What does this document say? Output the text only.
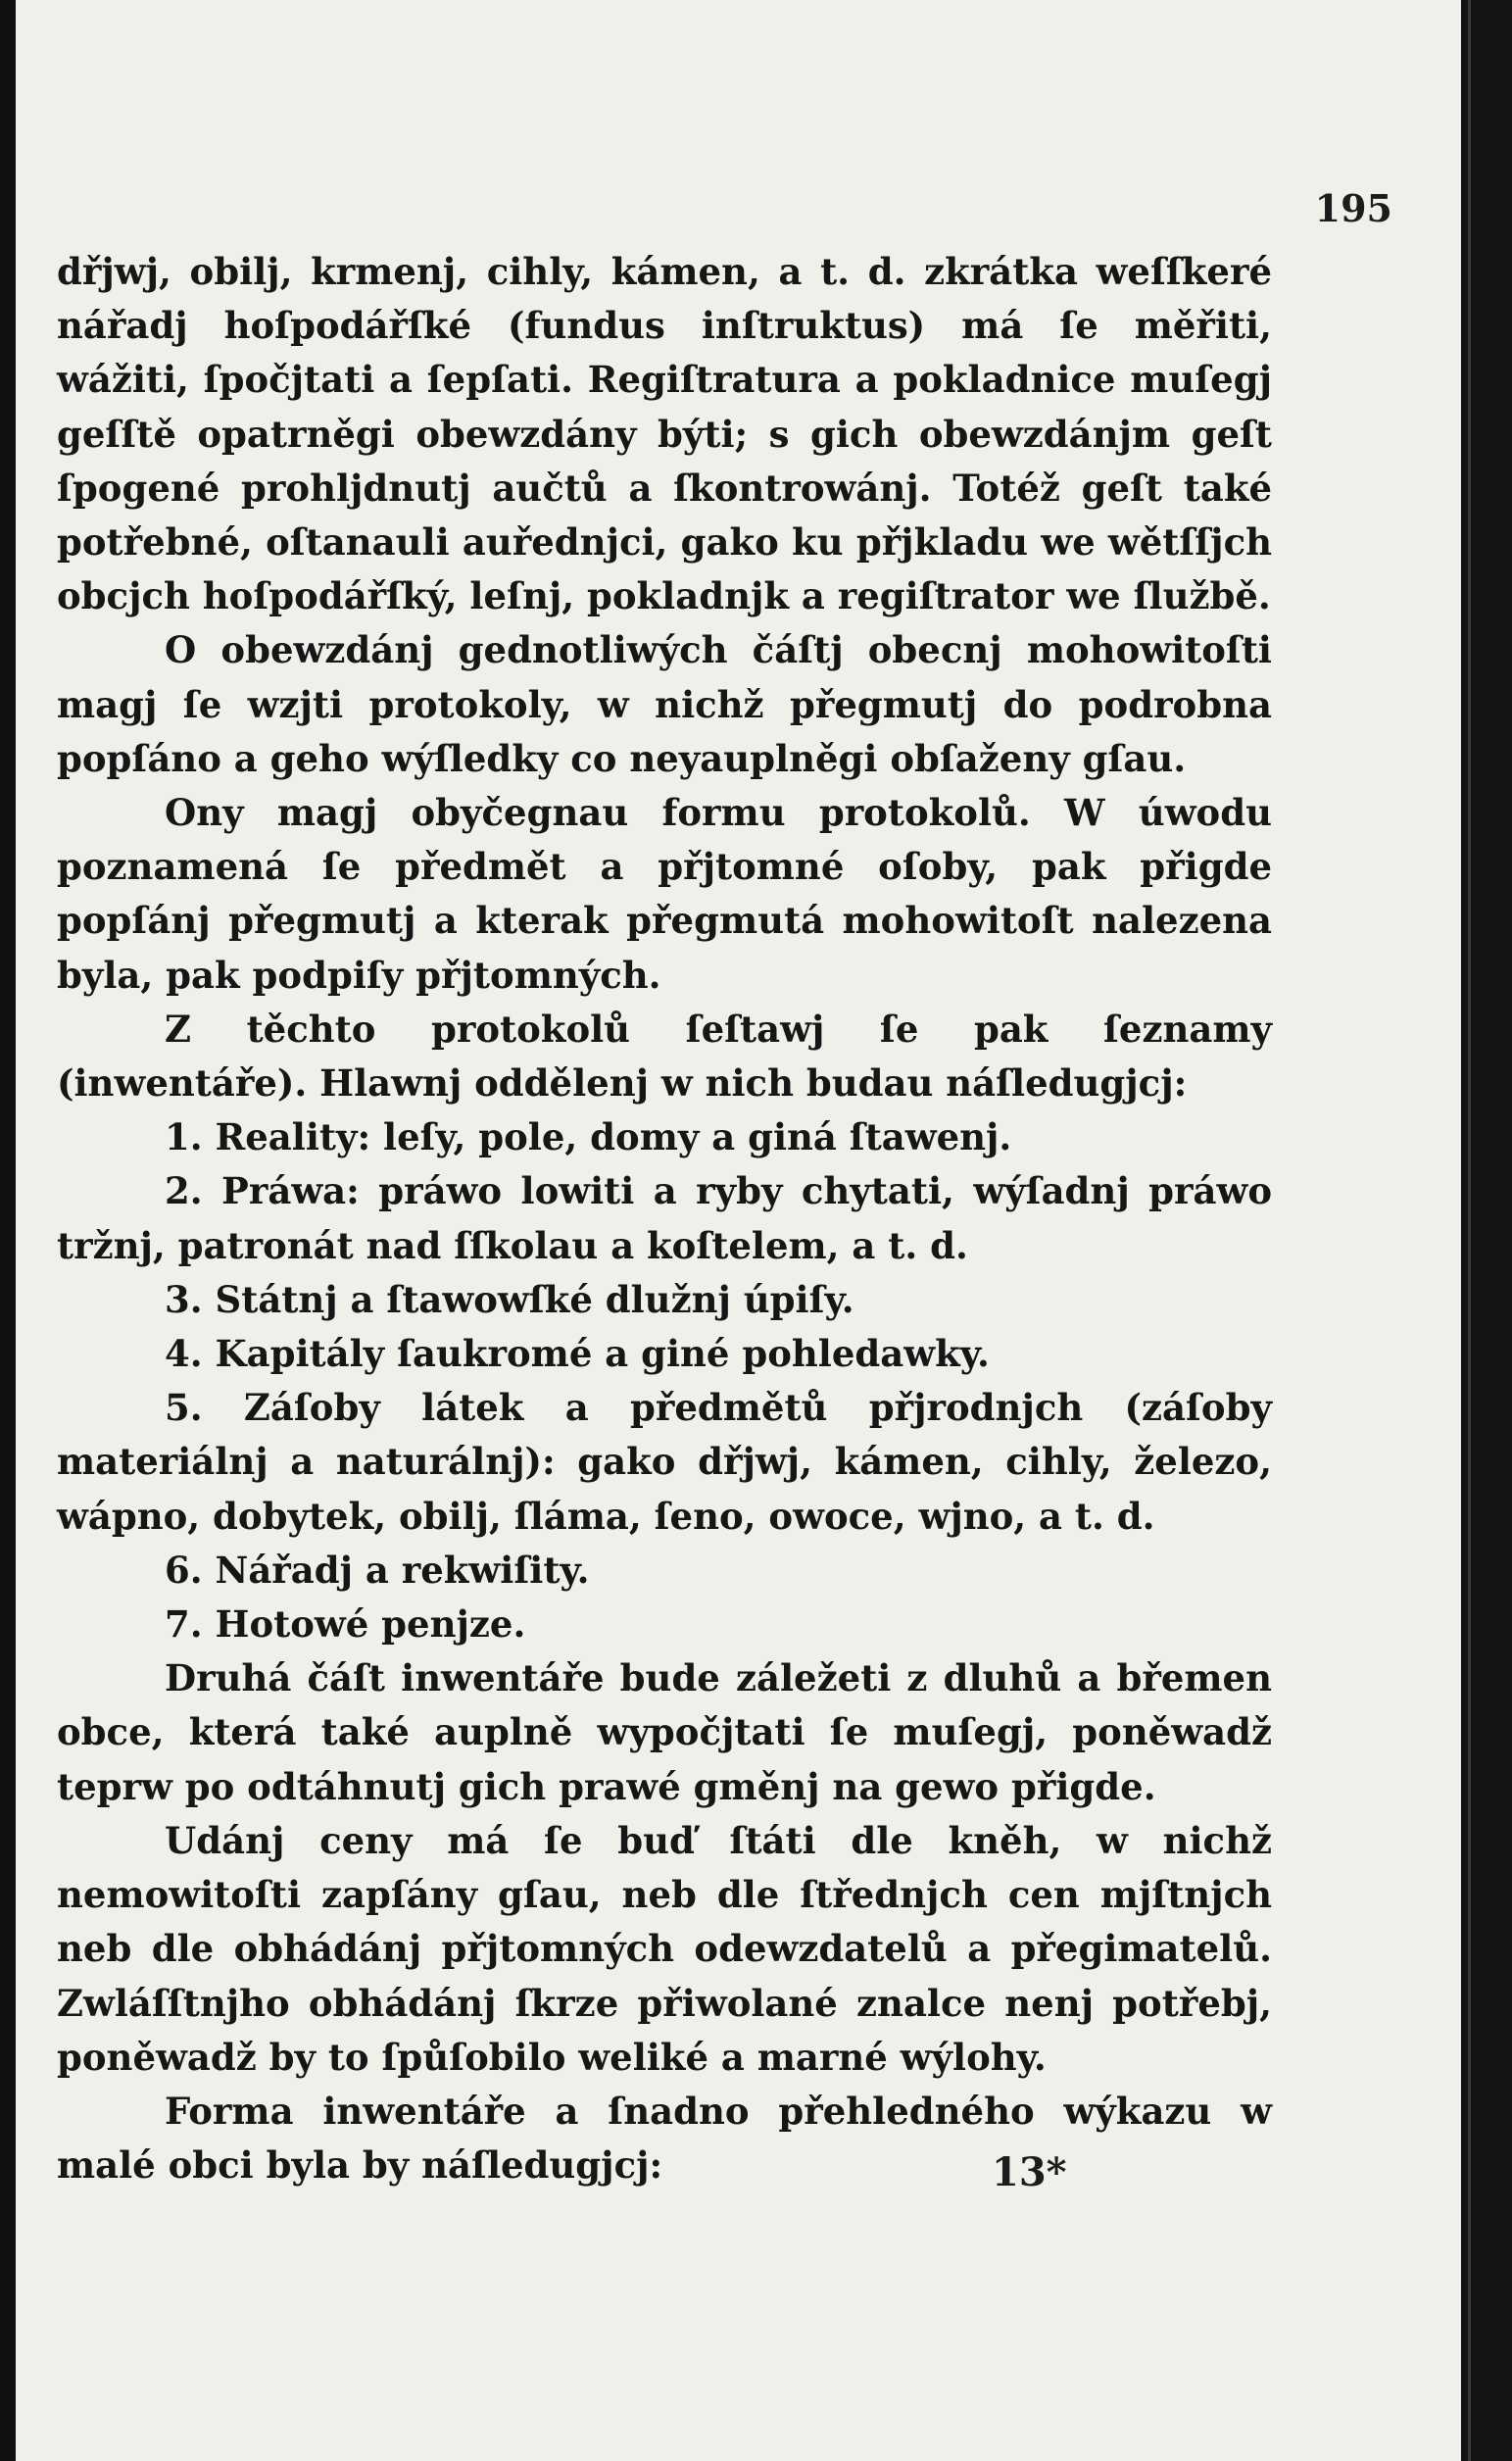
195

dřjwj, obilj, krmenj, cihly, kámen, a t. d. zkrátka weſſkeré nářadj hoſpodářſké (fundus inſtruktus) má ſe měřiti, wážiti, ſpočjtati a ſepſati. Regiſtratura a pokladnice muſegj geſſtě opatrněgi obewzdány býti; s gich obewzdánjm geſt ſpogené prohljdnutj aučtů a ſkontrowánj. Totéž geſt také potřebné, oſtanauli auřednjci, gako ku přjkladu we wětſſjch obcjch hoſpodářſký, leſnj, pokladnjk a regiſtrator we ſlužbě.

O obewzdánj gednotliwých čáſtj obecnj mohowitoſti magj ſe wzjti protokoly, w nichž přegmutj do podrobna popſáno a geho wýſledky co neyauplněgi obſaženy gſau.

Ony magj obyčegnau formu protokolů. W úwodu poznamená ſe předmět a přjtomné oſoby, pak přigde popſánj přegmutj a kterak přegmutá mohowitoſt nalezena byla, pak podpiſy přjtomných.

Z těchto protokolů ſeſtawj ſe pak ſeznamy (inwentáře). Hlawnj oddělenj w nich budau náſledugjcj:

1. Reality: leſy, pole, domy a giná ſtawenj.

2. Práwa: práwo lowiti a ryby chytati, wýſadnj práwo tržnj, patronát nad ſſkolau a koſtelem, a t. d.

3. Státnj a ſtawowſké dlužnj úpiſy.

4. Kapitály ſaukromé a giné pohledawky.

5. Záſoby látek a předmětů přjrodnjch (záſoby materiálnj a naturálnj): gako dřjwj, kámen, cihly, železo, wápno, dobytek, obilj, ſláma, ſeno, owoce, wjno, a t. d.

6. Nářadj a rekwiſity.

7. Hotowé penjze.

Druhá čáſt inwentáře bude záležeti z dluhů a břemen obce, která také auplně wypočjtati ſe muſegj, poněwadž teprw po odtáhnutj gich prawé gměnj na gewo přigde.

Udánj ceny má ſe buď ſtáti dle kněh, w nichž nemowitoſti zapſány gſau, neb dle ſtřednjch cen mjſtnjch neb dle obhádánj přjtomných odewzdatelů a přegimatelů. Zwláſſtnjho obhádánj ſkrze přiwolané znalce nenj potřebj, poněwadž by to ſpůſobilo weliké a marné wýlohy.

Forma inwentáře a ſnadno přehledného wýkazu w malé obci byla by náſledugjcj:	13*
